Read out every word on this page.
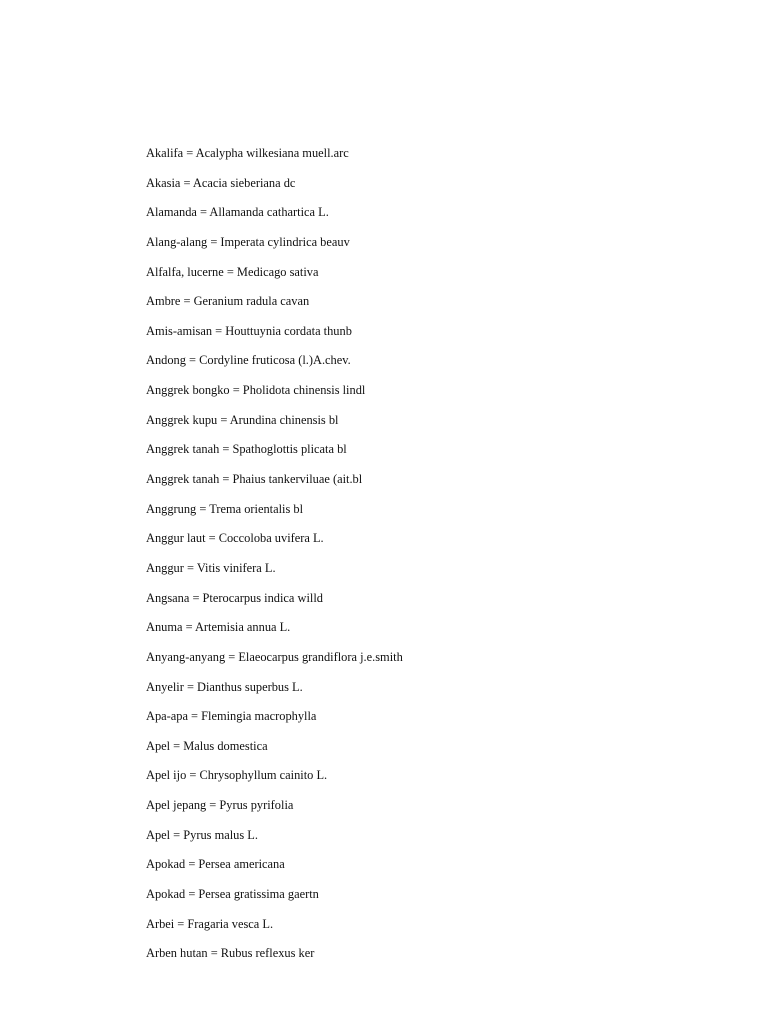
Akalifa = Acalypha wilkesiana muell.arc
Akasia = Acacia sieberiana dc
Alamanda = Allamanda cathartica L.
Alang-alang = Imperata cylindrica beauv
Alfalfa, lucerne = Medicago sativa
Ambre = Geranium radula cavan
Amis-amisan = Houttuynia cordata thunb
Andong = Cordyline fruticosa (l.)A.chev.
Anggrek bongko = Pholidota chinensis lindl
Anggrek kupu = Arundina chinensis bl
Anggrek tanah = Spathoglottis plicata bl
Anggrek tanah = Phaius tankerviluae (ait.bl
Anggrung = Trema orientalis bl
Anggur laut = Coccoloba uvifera L.
Anggur = Vitis vinifera L.
Angsana = Pterocarpus indica willd
Anuma = Artemisia annua L.
Anyang-anyang = Elaeocarpus grandiflora j.e.smith
Anyelir = Dianthus superbus L.
Apa-apa = Flemingia macrophylla
Apel = Malus domestica
Apel ijo = Chrysophyllum cainito L.
Apel jepang = Pyrus pyrifolia
Apel = Pyrus malus L.
Apokad = Persea americana
Apokad = Persea gratissima gaertn
Arbei = Fragaria vesca L.
Arben hutan = Rubus reflexus ker
